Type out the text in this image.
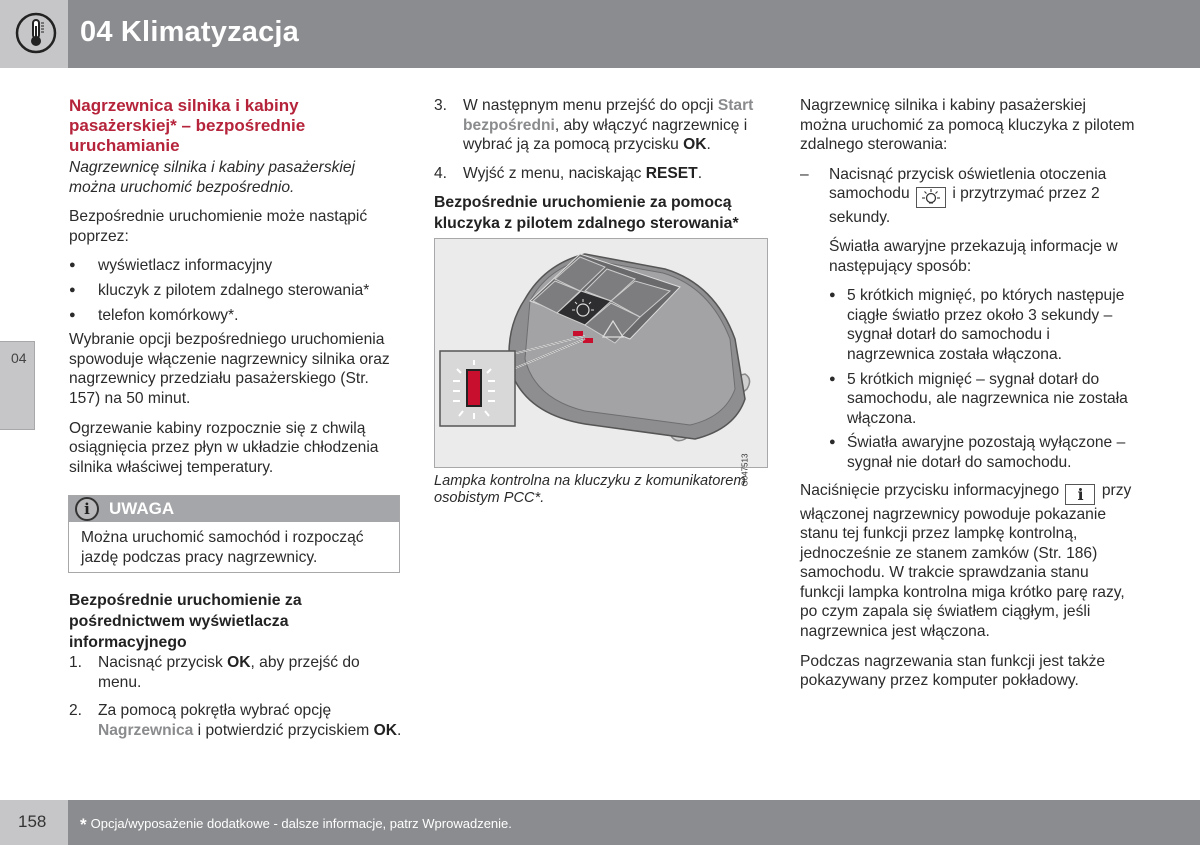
04 Klimatyzacja
04
Nagrzewnica silnika i kabiny pasażerskiej* – bezpośrednie uruchamianie

Nagrzewnicę silnika i kabiny pasażerskiej można uruchomić bezpośrednio.

Bezpośrednie uruchomienie może nastąpić poprzez:

● wyświetlacz informacyjny
● kluczyk z pilotem zdalnego sterowania*
● telefon komórkowy*.

Wybranie opcji bezpośredniego uruchomienia spowoduje włączenie nagrzewnicy silnika oraz nagrzewnicy przedziału pasażerskiego (Str. 157) na 50 minut.

Ogrzewanie kabiny rozpocznie się z chwilą osiągnięcia przez płyn w układzie chłodzenia silnika właściwej temperatury.

i	UWAGA
Można uruchomić samochód i rozpocząć jazdę podczas pracy nagrzewnicy.
Bezpośrednie uruchomienie za pośrednictwem wyświetlacza informacyjnego
1. Nacisnąć przycisk OK, aby przejść do menu.
2. Za pomocą pokrętła wybrać opcję Nagrzewnica i potwierdzić przyciskiem OK.
3. W następnym menu przejść do opcji Start bezpośredni, aby włączyć nagrzewnicę i wybrać ją za pomocą przycisku OK.
4. Wyjść z menu, naciskając RESET.
Bezpośrednie uruchomienie za pomocą kluczyka z pilotem zdalnego sterowania*
G047513
Lampka kontrolna na kluczyku z komunikatorem osobistym PCC*.

Nagrzewnicę silnika i kabiny pasażerskiej można uruchomić za pomocą kluczyka z pilotem zdalnego sterowania:

– Nacisnąć przycisk oświetlenia otoczenia samochodu	i przytrzymać przez 2 sekundy.

Światła awaryjne przekazują informacje w następujący sposób:

● 5 krótkich mignięć, po których następuje ciągłe światło przez około 3 sekundy – sygnał dotarł do samochodu i nagrzewnica została włączona.
● 5 krótkich mignięć – sygnał dotarł do samochodu, ale nagrzewnica nie została włączona.
● Światła awaryjne pozostają wyłączone – sygnał nie dotarł do samochodu.

Naciśnięcie przycisku informacyjnego i przy włączonej nagrzewnicy powoduje pokazanie stanu tej funkcji przez lampkę kontrolną, jednocześnie ze stanem zamków (Str. 186) samochodu. W trakcie sprawdzania stanu funkcji lampka kontrolna miga krótko parę razy, po czym zapala się światłem ciągłym, jeśli nagrzewnica jest włączona.

Podczas nagrzewania stan funkcji jest także pokazywany przez komputer pokładowy.

158 * Opcja/wyposażenie dodatkowe - dalsze informacje, patrz Wprowadzenie.
